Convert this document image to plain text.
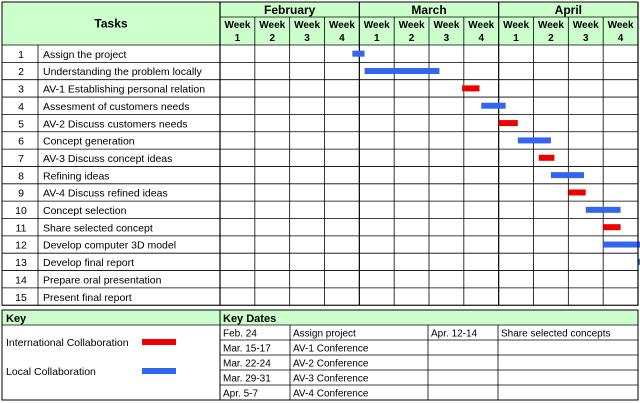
Tasks
February
Week
1
Week
2
Week
3
Week
4
March
Week
1
Week
2
Week
3
Week
4
April
Week
1
Week
2
Week
3
Week
4
1 Assign the project
2 Understanding the problem locally
3 AV-1 Establishing personal relation
4 Assesment of customers needs
5 AV-2 Discuss customers needs
6 Concept generation
7 AV-3 Discuss concept ideas
8 Refining ideas
9 AV-4 Discuss refined ideas
10 Concept selection
11 Share selected concept
12 Develop computer 3D model
13 Develop final report
14 Prepare oral presentation
15 Present final report
Key	Key Dates
International Collaboration
Local Collaboration
Feb. 24	Assign project	Apr. 12-14 Share selected concepts
Mar. 15-17 AV-1 Conference
Mar. 22-24 AV-2 Conference
Mar. 29-31 AV-3 Conference
Apr. 5-7	AV-4 Conference
